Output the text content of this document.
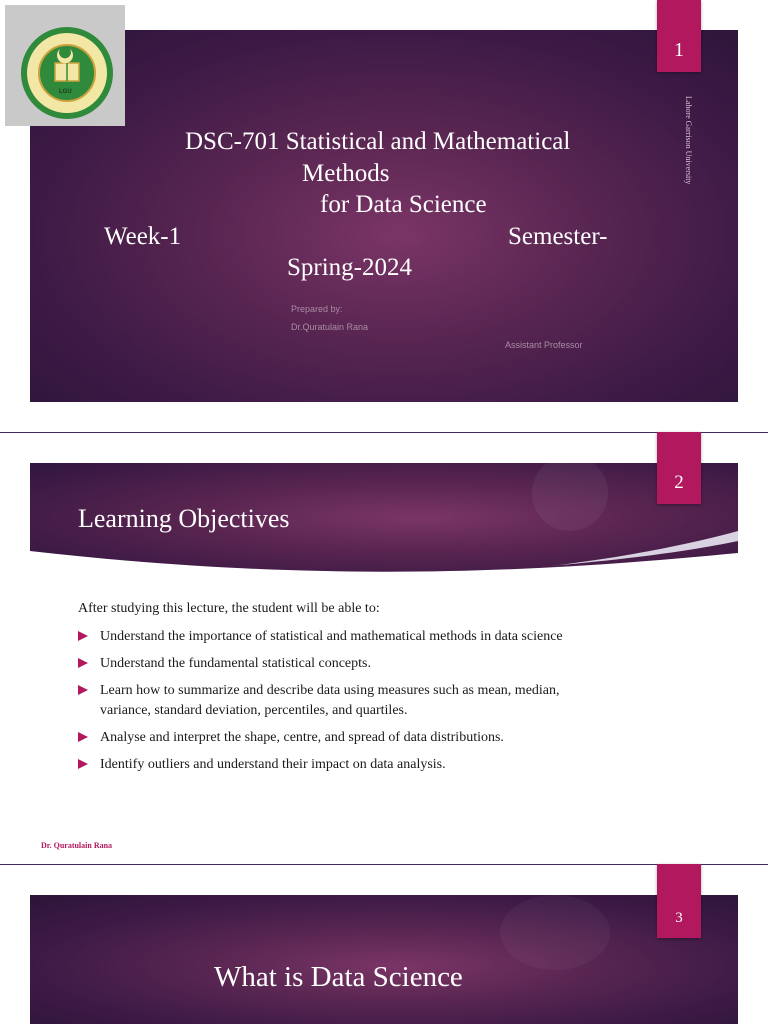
LGU
1
Lahore Garrison University
DSC-701 Statistical and Mathematical
Methods
for Data Science
Week-1	Semester-
Spring-2024
Prepared by:
Dr.Quratulain Rana
Assistant Professor
2
Learning Objectives
After studying this lecture, the student will be able to:
Understand the importance of statistical and mathematical methods in data science
Understand the fundamental statistical concepts.
Learn how to summarize and describe data using measures such as mean, median,
variance, standard deviation, percentiles, and quartiles.
Analyse and interpret the shape, centre, and spread of data distributions.
Identify outliers and understand their impact on data analysis.
Dr. Quratulain Rana
3
What is Data Science
